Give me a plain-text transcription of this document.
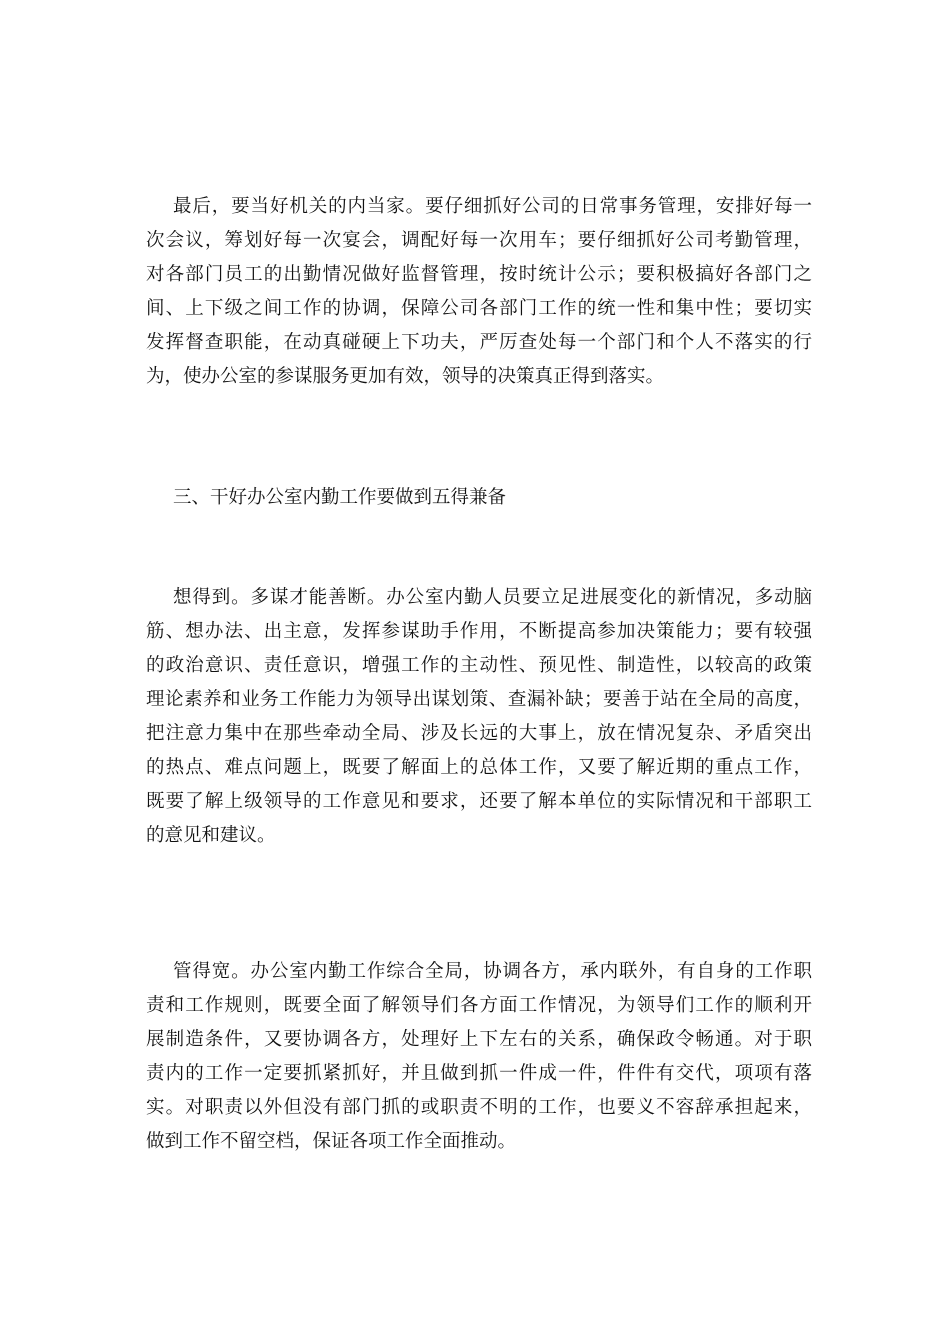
最后，要当好机关的内当家。要仔细抓好公司的日常事务管理，安排好每一
次会议，筹划好每一次宴会，调配好每一次用车；要仔细抓好公司考勤管理，
对各部门员工的出勤情况做好监督管理，按时统计公示；要积极搞好各部门之
间、上下级之间工作的协调，保障公司各部门工作的统一性和集中性；要切实
发挥督查职能，在动真碰硬上下功夫，严厉查处每一个部门和个人不落实的行
为，使办公室的参谋服务更加有效，领导的决策真正得到落实。
三、干好办公室内勤工作要做到五得兼备
想得到。多谋才能善断。办公室内勤人员要立足进展变化的新情况，多动脑
筋、想办法、出主意，发挥参谋助手作用，不断提高参加决策能力；要有较强
的政治意识、责任意识，增强工作的主动性、预见性、制造性，以较高的政策
理论素养和业务工作能力为领导出谋划策、查漏补缺；要善于站在全局的高度，
把注意力集中在那些牵动全局、涉及长远的大事上，放在情况复杂、矛盾突出
的热点、难点问题上，既要了解面上的总体工作，又要了解近期的重点工作，
既要了解上级领导的工作意见和要求，还要了解本单位的实际情况和干部职工
的意见和建议。
管得宽。办公室内勤工作综合全局，协调各方，承内联外，有自身的工作职
责和工作规则，既要全面了解领导们各方面工作情况，为领导们工作的顺利开
展制造条件，又要协调各方，处理好上下左右的关系，确保政令畅通。对于职
责内的工作一定要抓紧抓好，并且做到抓一件成一件，件件有交代，项项有落
实。对职责以外但没有部门抓的或职责不明的工作，也要义不容辞承担起来，
做到工作不留空档，保证各项工作全面推动。
